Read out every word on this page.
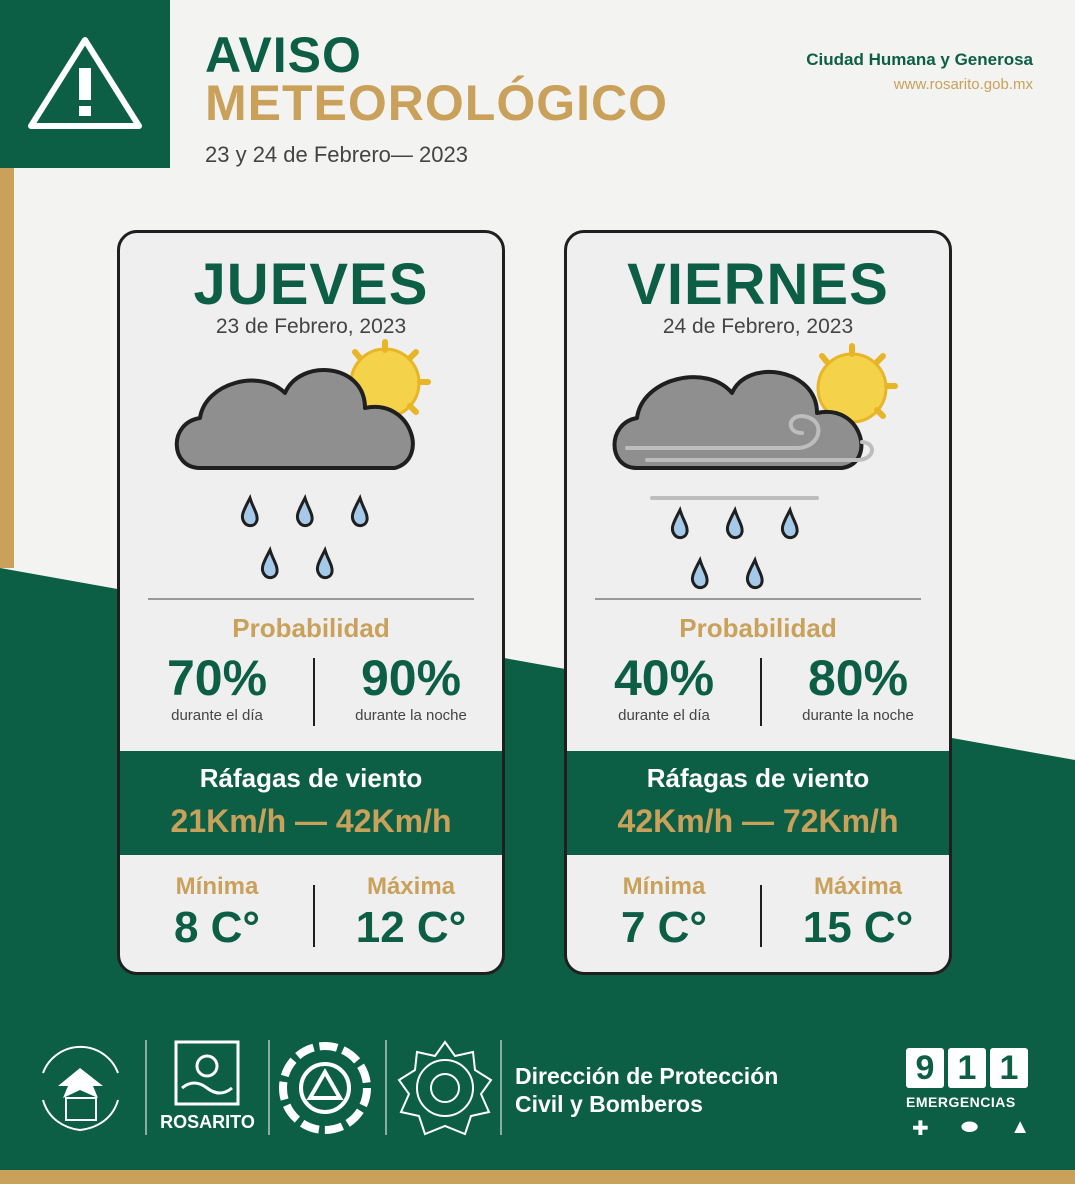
AVISO
METEOROLÓGICO
23 y 24 de Febrero— 2023
Ciudad Humana y Generosa
www.rosarito.gob.mx
JUEVES
23 de Febrero, 2023
Probabilidad
70%
durante el día
90%
durante la noche
Ráfagas de viento
21Km/h — 42Km/h
Mínima
8 C°
Máxima
12 C°
VIERNES
24 de Febrero, 2023
Probabilidad
40%
durante el día
80%
durante la noche
Ráfagas de viento
42Km/h — 72Km/h
Mínima
7 C°
Máxima
15 C°
ROSARITO
Dirección de Protección
Civil y Bomberos
9 1 1
EMERGENCIAS
✚ ⬬ ▲
